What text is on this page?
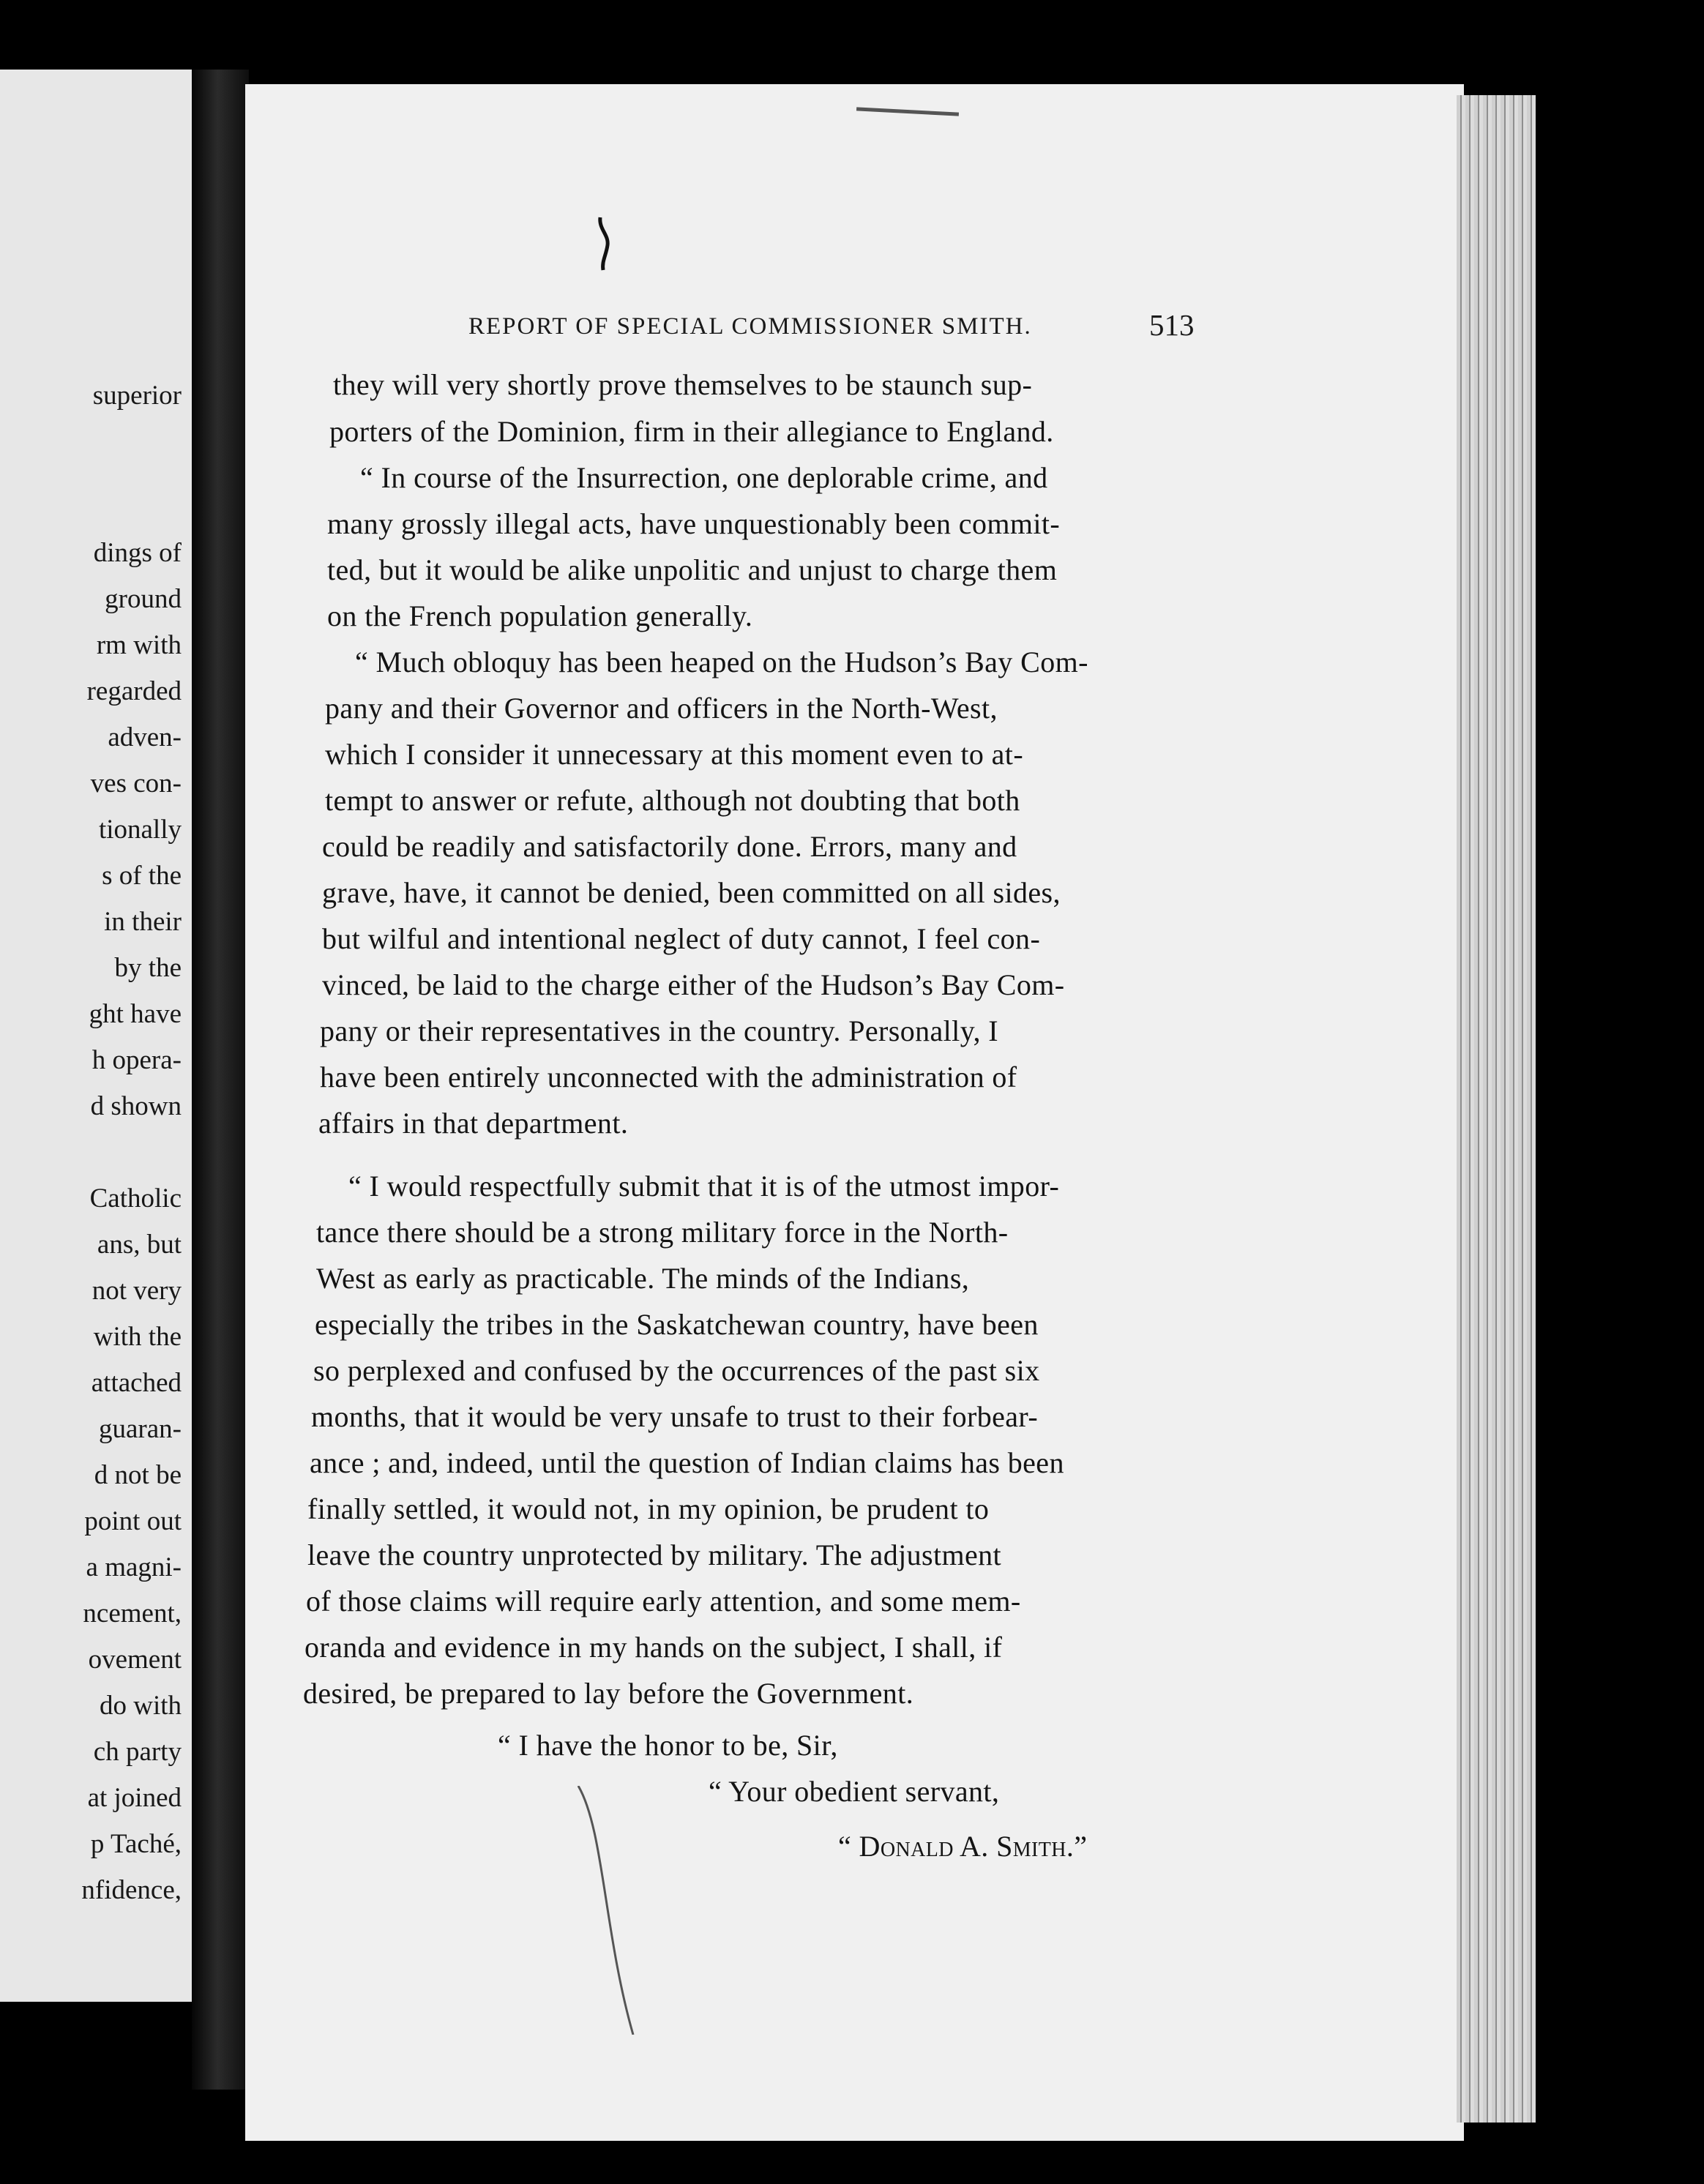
superior
dings of
ground
rm with
regarded
adven-
ves con-
tionally
s of the
in their
by the
ght have
h opera-
d shown
Catholic
ans, but
not very
with the
attached
guaran-
d not be
point out
a magni-
ncement,
ovement
do with
ch party
at joined
p Taché,
nfidence,
REPORT OF SPECIAL COMMISSIONER SMITH.	513
they will very shortly prove themselves to be staunch sup-
porters of the Dominion, firm in their allegiance to England.
“ In course of the Insurrection, one deplorable crime, and
many grossly illegal acts, have unquestionably been commit-
ted, but it would be alike unpolitic and unjust to charge them
on the French population generally.
“ Much obloquy has been heaped on the Hudson’s Bay Com-
pany and their Governor and officers in the North-West,
which I consider it unnecessary at this moment even to at-
tempt to answer or refute, although not doubting that both
could be readily and satisfactorily done. Errors, many and
grave, have, it cannot be denied, been committed on all sides,
but wilful and intentional neglect of duty cannot, I feel con-
vinced, be laid to the charge either of the Hudson’s Bay Com-
pany or their representatives in the country. Personally, I
have been entirely unconnected with the administration of
affairs in that department.
“ I would respectfully submit that it is of the utmost impor-
tance there should be a strong military force in the North-
West as early as practicable. The minds of the Indians,
especially the tribes in the Saskatchewan country, have been
so perplexed and confused by the occurrences of the past six
months, that it would be very unsafe to trust to their forbear-
ance ; and, indeed, until the question of Indian claims has been
finally settled, it would not, in my opinion, be prudent to
leave the country unprotected by military. The adjustment
of those claims will require early attention, and some mem-
oranda and evidence in my hands on the subject, I shall, if
desired, be prepared to lay before the Government.
“ I have the honor to be, Sir,
“ Your obedient servant,
“ Donald A. Smith.”
